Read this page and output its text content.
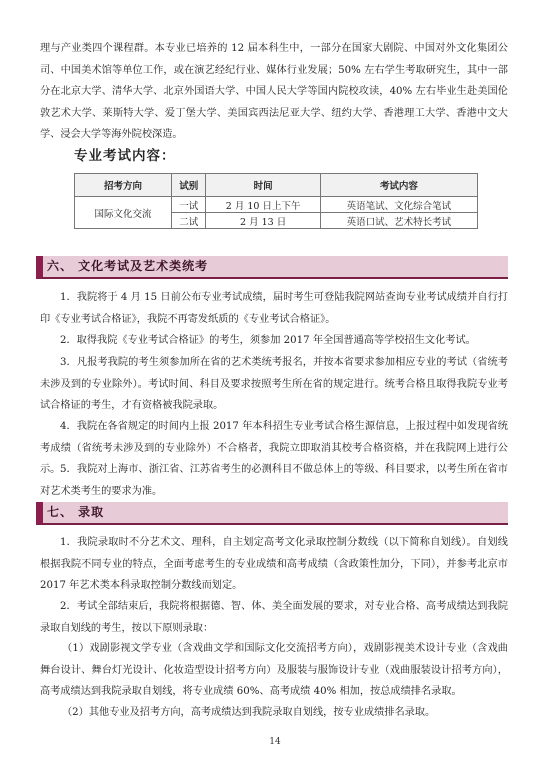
理与产业类四个课程群。本专业已培养的 12 届本科生中，一部分在国家大剧院、中国对外文化集团公司、中国美术馆等单位工作，或在演艺经纪行业、媒体行业发展；50% 左右学生考取研究生，其中一部分在北京大学、清华大学、北京外国语大学、中国人民大学等国内院校攻读，40% 左右毕业生赴美国伦敦艺术大学、莱斯特大学、爱丁堡大学、美国宾西法尼亚大学、纽约大学、香港理工大学、香港中文大学、浸会大学等海外院校深造。

专业考试内容：
招考方向	试别	时间	考试内容
国际文化交流	一试	2 月 10 日上下午	英语笔试、文化综合笔试
	二试	2 月 13 日	英语口试、艺术特长考试
六、 文化考试及艺术类统考

1．我院将于 4 月 15 日前公布专业考试成绩，届时考生可登陆我院网站查询专业考试成绩并自行打印《专业考试合格证》，我院不再寄发纸质的《专业考试合格证》。

2．取得我院《专业考试合格证》的考生，须参加 2017 年全国普通高等学校招生文化考试。

3．凡报考我院的考生须参加所在省的艺术类统考报名，并按本省要求参加相应专业的考试（省统考未涉及到的专业除外）。考试时间、科目及要求按照考生所在省的规定进行。统考合格且取得我院专业考试合格证的考生，才有资格被我院录取。

4．我院在各省规定的时间内上报 2017 年本科招生专业考试合格生源信息，上报过程中如发现省统考成绩（省统考未涉及到的专业除外）不合格者，我院立即取消其校考合格资格，并在我院网上进行公示。 5．我院对上海市、浙江省、江苏省考生的必测科目不做总体上的等级、科目要求，以考生所在省市对艺术类考生的要求为准。

七、 录取

1．我院录取时不分艺术文、理科，自主划定高考文化录取控制分数线（以下简称自划线）。自划线根据我院不同专业的特点，全面考虑考生的专业成绩和高考成绩（含政策性加分，下同），并参考北京市 2017 年艺术类本科录取控制分数线而划定。

2．考试全部结束后，我院将根据德、智、体、美全面发展的要求，对专业合格、高考成绩达到我院录取自划线的考生，按以下原则录取：

（1）戏剧影视文学专业（含戏曲文学和国际文化交流招考方向），戏剧影视美术设计专业（含戏曲舞台设计、舞台灯光设计、化妆造型设计招考方向）及服装与服饰设计专业（戏曲服装设计招考方向），高考成绩达到我院录取自划线，将专业成绩 60%、高考成绩 40% 相加，按总成绩排名录取。

（2）其他专业及招考方向，高考成绩达到我院录取自划线，按专业成绩排名录取。

14
